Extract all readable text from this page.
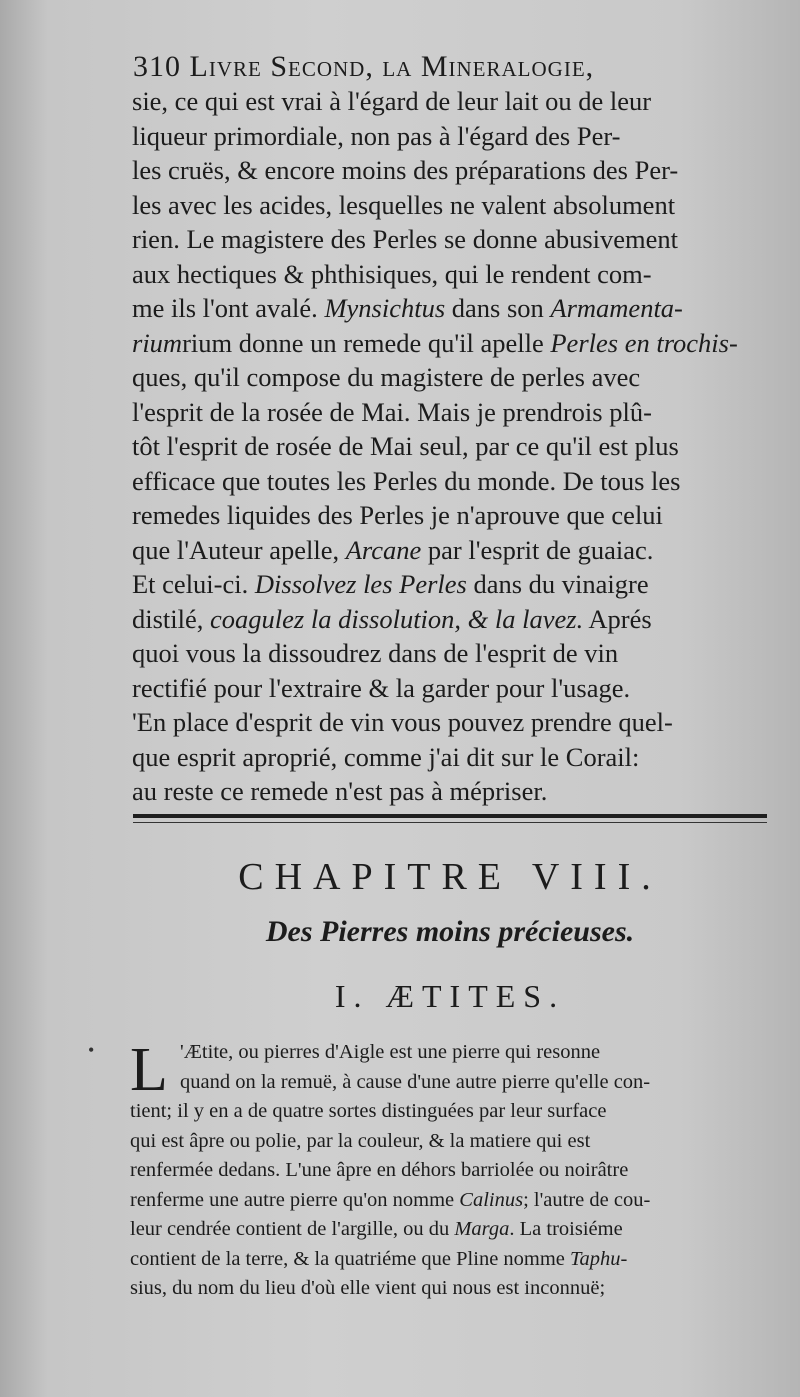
310 Livre Second, la Mineralogie,
sie, ce qui est vrai à l'égard de leur lait ou de leur
liqueur primordiale, non pas à l'égard des Per-
les cruës, & encore moins des préparations des Per-
les avec les acides, lesquelles ne valent absolument
rien. Le magistere des Perles se donne abusivement
aux hectiques & phthisiques, qui le rendent com-
me ils l'ont avalé. Mynsichtus dans son Armamenta-
riumrium donne un remede qu'il apelle Perles en trochis-
ques, qu'il compose du magistere de perles avec
l'esprit de la rosée de Mai. Mais je prendrois plû-
tôt l'esprit de rosée de Mai seul, par ce qu'il est plus
efficace que toutes les Perles du monde. De tous les
remedes liquides des Perles je n'aprouve que celui
que l'Auteur apelle, Arcane par l'esprit de guaiac.
Et celui-ci. Dissolvez les Perles dans du vinaigre
distilé, coagulez la dissolution, & la lavez. Aprés
quoi vous la dissoudrez dans de l'esprit de vin
rectifié pour l'extraire & la garder pour l'usage.
'En place d'esprit de vin vous pouvez prendre quel-
que esprit aproprié, comme j'ai dit sur le Corail:
au reste ce remede n'est pas à mépriser.
CHAPITRE VIII.
Des Pierres moins précieuses.
I. ÆTITES.
L 'Ætite, ou pierres d'Aigle est une pierre qui resonne
quand on la remuë, à cause d'une autre pierre qu'elle con-
tient; il y en a de quatre sortes distinguées par leur surface
qui est âpre ou polie, par la couleur, & la matiere qui est
renfermée dedans. L'une âpre en déhors barriolée ou noirâtre
renferme une autre pierre qu'on nomme Calinus; l'autre de cou-
leur cendrée contient de l'argille, ou du Marga. La troisiéme
contient de la terre, & la quatriéme que Pline nomme Taphu-
sius, du nom du lieu d'où elle vient qui nous est inconnuë;
•
